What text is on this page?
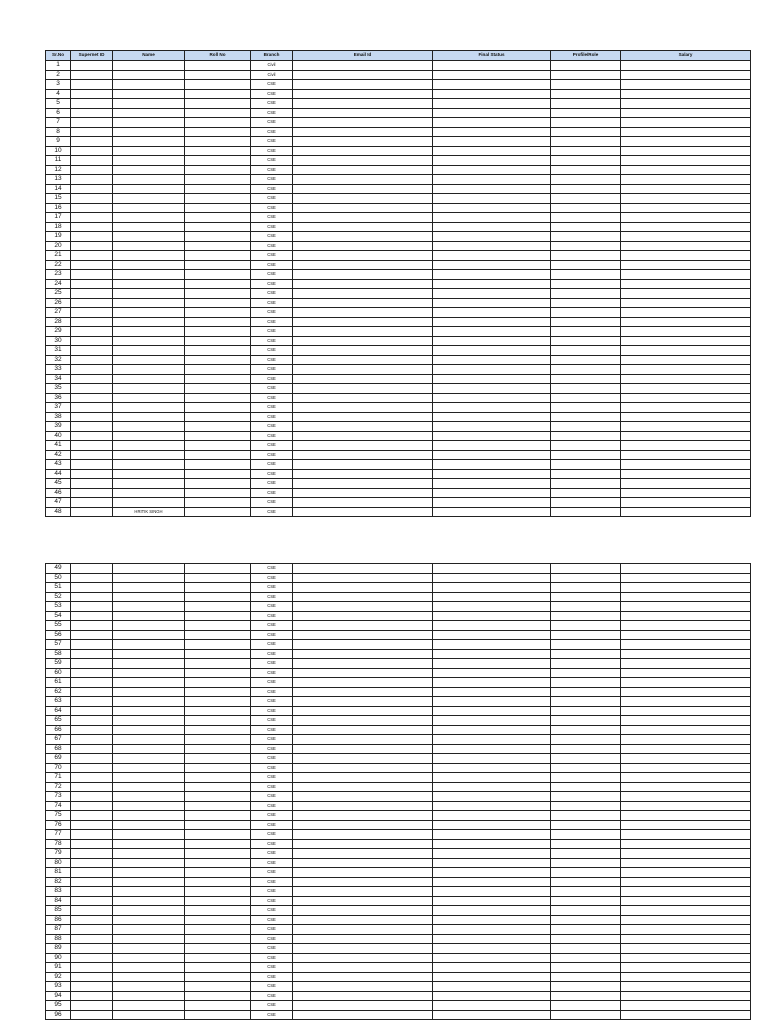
Sr.No	Supernet ID	Name	Roll No	Branch	Email Id	Final Status	Profile/Role	Salary
1				Civil				
2				Civil				
3				CSE				
4				CSE				
5				CSE				
6				CSE				
7				CSE				
8				CSE				
9				CSE				
10				CSE				
11				CSE				
12				CSE				
13				CSE				
14				CSE				
15				CSE				
16				CSE				
17				CSE				
18				CSE				
19				CSE				
20				CSE				
21				CSE				
22				CSE				
23				CSE				
24				CSE				
25				CSE				
26				CSE				
27				CSE				
28				CSE				
29				CSE				
30				CSE				
31				CSE				
32				CSE				
33				CSE				
34				CSE				
35				CSE				
36				CSE				
37				CSE				
38				CSE				
39				CSE				
40				CSE				
41				CSE				
42				CSE				
43				CSE				
44				CSE				
45				CSE				
46				CSE				
47				CSE				
48		HRITIK SINGH		CSE				
49				CSE				
50				CSE				
51				CSE				
52				CSE				
53				CSE				
54				CSE				
55				CSE				
56				CSE				
57				CSE				
58				CSE				
59				CSE				
60				CSE				
61				CSE				
62				CSE				
63				CSE				
64				CSE				
65				CSE				
66				CSE				
67				CSE				
68				CSE				
69				CSE				
70				CSE				
71				CSE				
72				CSE				
73				CSE				
74				CSE				
75				CSE				
76				CSE				
77				CSE				
78				CSE				
79				CSE				
80				CSE				
81				CSE				
82				CSE				
83				CSE				
84				CSE				
85				CSE				
86				CSE				
87				CSE				
88				CSE				
89				CSE				
90				CSE				
91				CSE				
92				CSE				
93				CSE				
94				CSE				
95				CSE				
96				CSE				
